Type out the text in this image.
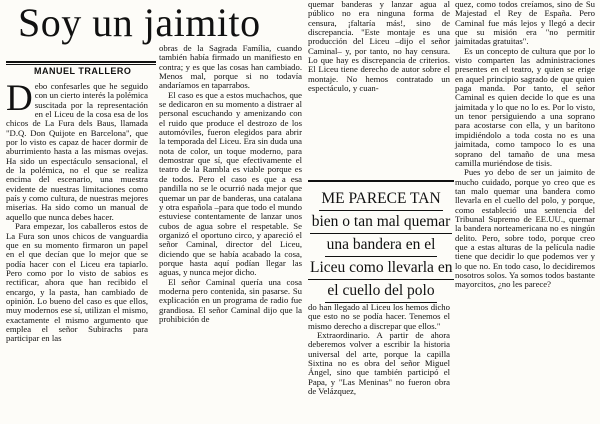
Soy un jaimito
MANUEL TRALLERO

Debo confesarles que he seguido con un cierto interés la polémica suscitada por la representación en el Liceu de la cosa esa de los chicos de La Fura dels Baus, llamada "D.Q. Don Quijote en Barcelona", que por lo visto es capaz de hacer dormir de aburrimiento hasta a las mismas ovejas. Ha sido un espectáculo sensacional, el de la polémica, no el que se realiza encima del escenario, una muestra evidente de nuestras limitaciones como país y como cultura, de nuestras mejores miserias. Ha sido como un manual de aquello que nunca debes hacer.

Para empezar, los caballeros estos de La Fura son unos chicos de vanguardia que en su momento firmaron un papel en el que decían que lo mejor que se podía hacer con el Liceu era tapiarlo. Pero como por lo visto de sabios es rectificar, ahora que han recibido el encargo, y la pasta, han cambiado de opinión. Lo bueno del caso es que ellos, muy modernos ese sí, utilizan el mismo, exactamente el mismo argumento que emplea el señor Subirachs para participar en las

obras de la Sagrada Família, cuando también había firmado un manifiesto en contra; y es que las cosas han cambiado. Menos mal, porque si no todavía andaríamos en taparrabos.

El caso es que a estos muchachos, que se dedicaron en su momento a distraer al personal escuchando y amenizando con el ruido que produce el destrozo de los automóviles, fueron elegidos para abrir la temporada del Liceu. Era sin duda una nota de color, un toque moderno, para demostrar que sí, que efectivamente el teatro de la Rambla es viable porque es de todos. Pero el caso es que a esa pandilla no se le ocurrió nada mejor que quemar un par de banderas, una catalana y otra española –para que todo el mundo estuviese contentamente de lanzar unos cubos de agua sobre el respetable. Se organizó el oportuno circo, y apareció el señor Caminal, director del Liceu, diciendo que se había acabado la cosa, porque hasta aquí podían llegar las aguas, y nunca mejor dicho.

El señor Caminal quería una cosa moderna pero contenida, sin pasarse. Su explicación en un programa de radio fue grandiosa. El señor Caminal dijo que la prohibición de

quemar banderas y lanzar agua al público no era ninguna forma de censura, ¡faltaría más!, sino de discrepancia. "Este montaje es una producción del Liceu –dijo el señor Caminal– y, por tanto, no hay censura. Lo que hay es discrepancia de criterios. El Liceu tiene derecho de autor sobre el montaje. No hemos contratado un espectáculo, y cuan-

ME PARECE TAN
bien o tan mal quemar
una bandera en el
Liceu como llevarla en
el cuello del polo

do han llegado al Liceu los hemos dicho que esto no se podía hacer. Tenemos el mismo derecho a discrepar que ellos."

Extraordinario. A partir de ahora deberemos volver a escribir la historia universal del arte, porque la capilla Sixtina no es obra del señor Miguel Ángel, sino que también participó el Papa, y "Las Meninas" no fueron obra de Velázquez,

quez, como todos creíamos, sino de Su Majestad el Rey de España. Pero Caminal fue más lejos y llegó a decir que su misión era "no permitir jaimitadas gratuitas".

Es un concepto de cultura que por lo visto comparten las administraciones presentes en el teatro, y quien se erige en aquel principio sagrado de que quien paga manda. Por tanto, el señor Caminal es quien decide lo que es una jaimitada y lo que no lo es. Por lo visto, un tenor persiguiendo a una soprano para acostarse con ella, y un barítono impidiéndolo a toda costa no es una jaimitada, como tampoco lo es una soprano del tamaño de una mesa camilla muriéndose de tisis.

Pues yo debo de ser un jaimito de mucho cuidado, porque yo creo que es tan malo quemar una bandera como llevarla en el cuello del polo, y porque, como estableció una sentencia del Tribunal Supremo de EE.UU., quemar la bandera norteamericana no es ningún delito. Pero, sobre todo, porque creo que a estas alturas de la película nadie tiene que decidir lo que podemos ver y lo que no. En todo caso, lo decidiremos nosotros solos. Ya somos todos bastante mayorcitos, ¿no les parece?
